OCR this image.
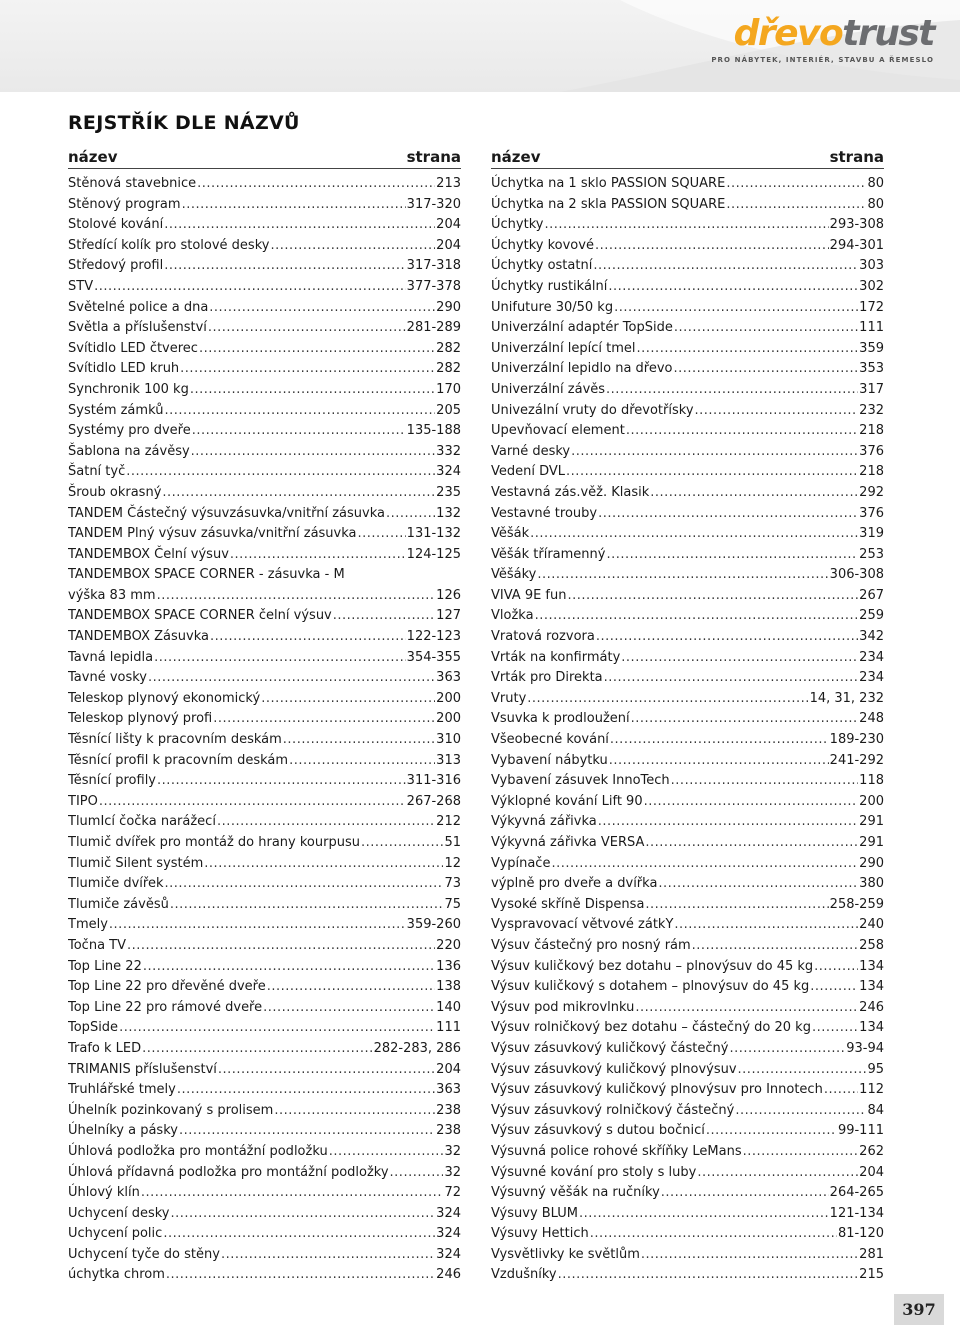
dřevotrust
PRO NÁBYTEK, INTERIÉR, STAVBU A ŘEMESLO
REJSTŘÍK DLE NÁZVŮ
název	strana
Stěnová stavebnice .....	213
Stěnový program .....	317-320
Stolové kování .....	204
Středící kolík pro stolové desky .....	204
Středový profil .....	317-318
STV .....	377-378
Světelné police a dna .....	290
Světla a příslušenství .....	281-289
Svítidlo LED čtverec .....	282
Svítidlo LED kruh .....	282
Synchronik 100 kg .....	170
Systém zámků .....	205
Systémy pro dveře .....	135-188
Šablona na závěsy .....	332
Šatní tyč .....	324
Šroub okrasný .....	235
TANDEM Částečný výsuvzásuvka/vnitřní zásuvka .....	132
TANDEM Plný výsuv zásuvka/vnitřní zásuvka .....	131-132
TANDEMBOX Čelní výsuv .....	124-125
TANDEMBOX SPACE CORNER - zásuvka - M
výška 83 mm .....	126
TANDEMBOX SPACE CORNER čelní výsuv .....	127
TANDEMBOX Zásuvka .....	122-123
Tavná lepidla .....	354-355
Tavné vosky .....	363
Teleskop plynový ekonomický .....	200
Teleskop plynový profi .....	200
Těsnící lišty k pracovním deskám .....	310
Těsnící profil k pracovním deskám .....	313
Těsnící profily .....	311-316
TIPO .....	267-268
TlumIcí čočka narážecí .....	212
Tlumič dvířek pro montáž do hrany kourpusu .....	51
Tlumič Silent systém .....	12
Tlumiče dvířek .....	73
Tlumiče závěsů .....	75
Tmely .....	359-260
Točna TV .....	220
Top Line 22 .....	136
Top Line 22 pro dřevěné dveře .....	138
Top Line 22 pro rámové dveře .....	140
TopSide .....	111
Trafo k LED .....	282-283, 286
TRIMANIS příslušenství .....	204
Truhlářské tmely .....	363
Úhelník pozinkovaný s prolisem .....	238
Úhelníky a pásky .....	238
Úhlová podložka pro montážní podložku .....	32
Úhlová přídavná podložka pro montážní podložky .....	32
Úhlový klín .....	72
Uchycení desky .....	324
Uchycení polic .....	324
Uchycení tyče do stěny .....	324
úchytka chrom .....	246
název	strana
Úchytka na 1 sklo PASSION SQUARE .....	80
Úchytka na 2 skla PASSION SQUARE .....	80
Úchytky .....	293-308
Úchytky kovové .....	294-301
Úchytky ostatní .....	303
Úchytky rustikální .....	302
Unifuture 30/50 kg .....	172
Univerzální adaptér TopSide .....	111
Univerzální lepící tmel .....	359
Univerzální lepidlo na dřevo .....	353
Univerzální závěs .....	317
Univezální vruty do dřevotřísky .....	232
Upevňovací element .....	218
Varné desky .....	376
Vedení DVL .....	218
Vestavná zás.věž. Klasik .....	292
Vestavné trouby .....	376
Věšák .....	319
Věšák tříramenný .....	253
Věšáky .....	306-308
VIVA 9E fun .....	267
Vložka .....	259
Vratová rozvora .....	342
Vrták na konfirmáty .....	234
Vrták pro Direkta .....	234
Vruty .....	14, 31, 232
Vsuvka k prodloužení .....	248
Všeobecné kování .....	189-230
Vybavení nábytku .....	241-292
Vybavení zásuvek InnoTech .....	118
Výklopné kování Lift 90 .....	200
Výkyvná zářivka .....	291
Výkyvná zářivka VERSA .....	291
Vypínače .....	290
výplně pro dveře a dvířka .....	380
Vysoké skříně Dispensa .....	258-259
Vyspravovací větvové zátkY .....	240
Výsuv částečný pro nosný rám .....	258
Výsuv kuličkový bez dotahu – plnovýsuv do 45 kg .....	134
Výsuv kuličkový s dotahem – plnovýsuv do 45 kg .....	134
Výsuv pod mikrovlnku .....	246
Výsuv rolničkový bez dotahu – částečný do 20 kg .....	134
Výsuv zásuvkový kuličkový částečný .....	93-94
Výsuv zásuvkový kuličkový plnovýsuv .....	95
Výsuv zásuvkový kuličkový plnovýsuv pro Innotech .....	112
Výsuv zásuvkový rolničkový částečný .....	84
Výsuv zásuvkový s dutou bočnicí .....	99-111
Výsuvná police rohové skříňky LeMans .....	262
Výsuvné kování pro stoly s luby .....	204
Výsuvný věšák na ručníky .....	264-265
Výsuvy BLUM .....	121-134
Výsuvy Hettich .....	81-120
Vysvětlivky ke světlům .....	281
Vzdušníky .....	215
397
